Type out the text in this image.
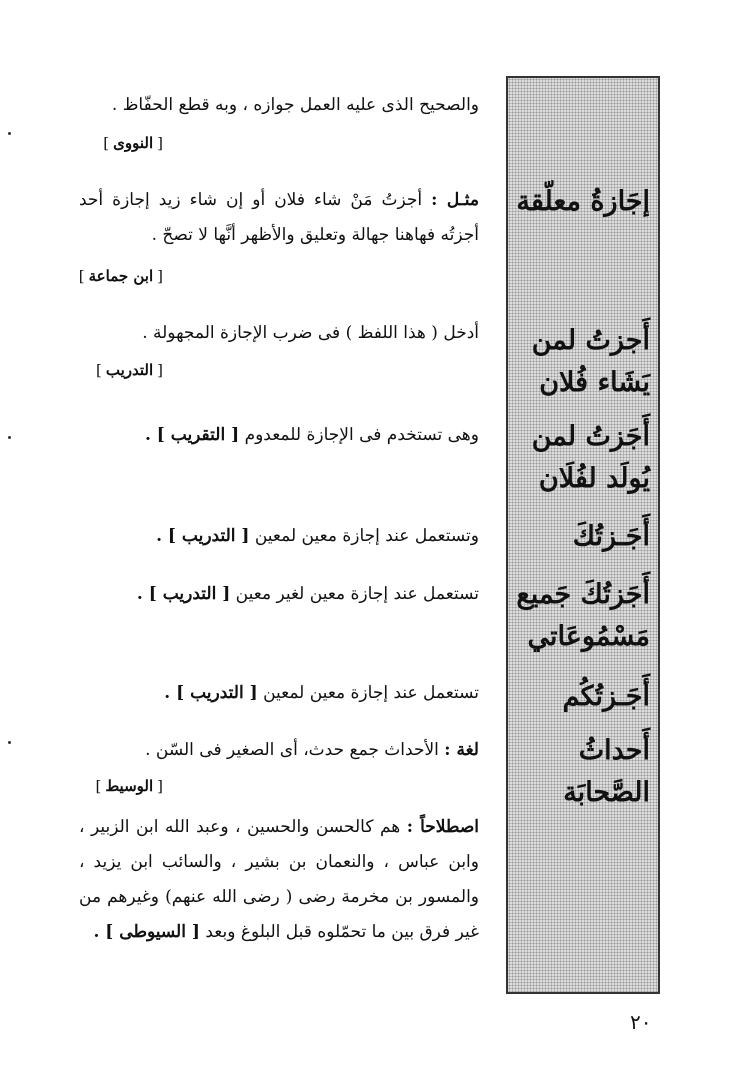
إجَازةُ معلّقة
أَجزتُ لمن يَشَاء فُلان
أَجَزتُ لمن يُولَد لفُلَان
أَجَـزتُكَ
أَجَزتُكَ جَميع مَسْمُوعَاتي
أَجَـزتُكُم
أَحداثُ الصَّحابَة
والصحيح الذى عليه العمل جوازه ، وبه قطع الحفّاظ .
[النووى]
مثـل : أجزتُ مَنْ شاء فلان أو إن شاء زيد إجازة أحد أجزتُه فهاهنا جهالة وتعليق والأظهر أنَّها لا تصحّ .
[ابن جماعة]
أدخل ( هذا اللفظ ) فى ضرب الإجازة المجهولة .
[التدريب]
وهى تستخدم فى الإجازة للمعدوم [ التقريب ] .
وتستعمل عند إجازة معين لمعين [ التدريب ] .
تستعمل عند إجازة معين لغير معين [ التدريب ] .
تستعمل عند إجازة معين لمعين [ التدريب ] .
لغة : الأحداث جمع حدث، أى الصغير فى السّن .
[الوسيط]
اصطلاحاً : هم كالحسن والحسين ، وعبد الله ابن الزبير ، وابن عباس ، والنعمان بن بشير ، والسائب ابن يزيد ، والمسور بن مخرمة رضى ( رضى الله عنهم) وغيرهم من غير فرق بين ما تحمّلوه قبل البلوغ وبعد [ السيوطى ] .
٢٠
